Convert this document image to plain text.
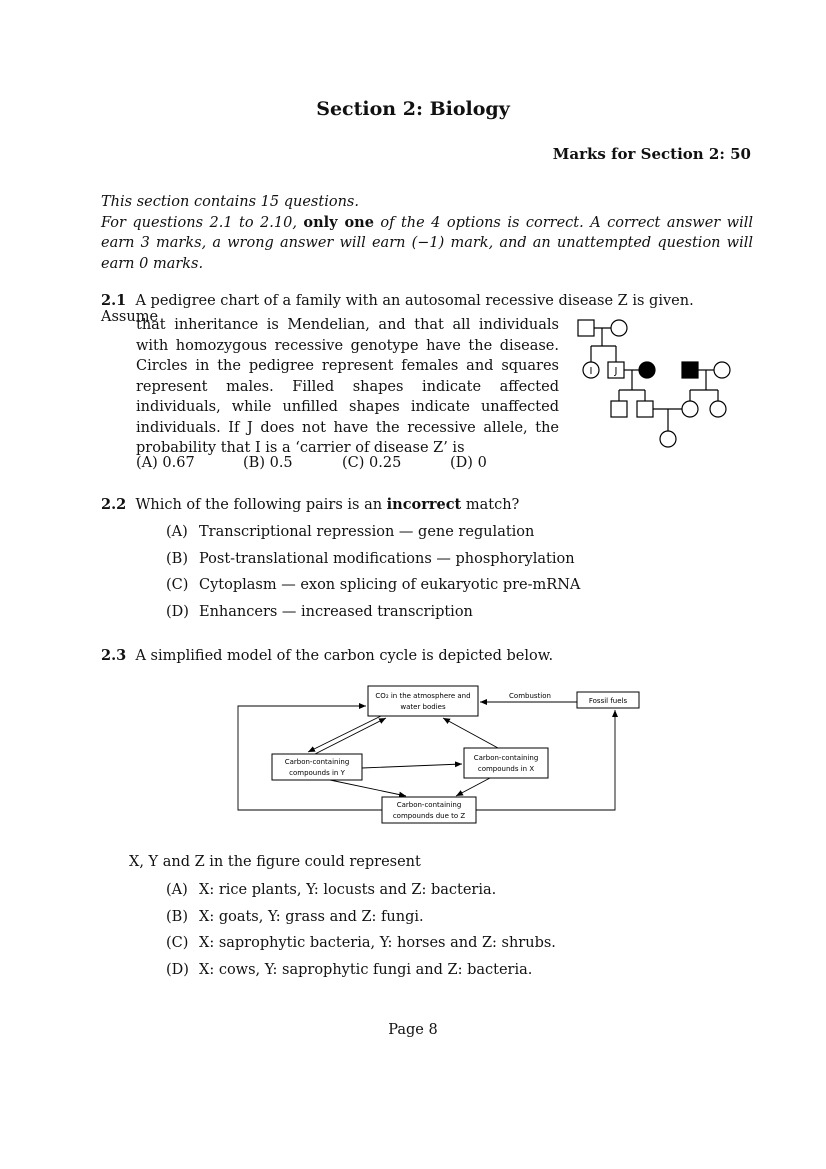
Section 2: Biology
Marks for Section 2: 50
This section contains 15 questions.
For questions 2.1 to 2.10, only one of the 4 options is correct. A correct answer will earn 3 marks, a wrong answer will earn (−1) mark, and an unattempted question will earn 0 marks.
2.1 A pedigree chart of a family with an autosomal recessive disease Z is given. Assume
that inheritance is Mendelian, and that all individuals with homozygous recessive genotype have the disease. Circles in the pedigree represent females and squares represent males. Filled shapes indicate affected individuals, while unfilled shapes indicate unaffected individuals. If J does not have the recessive allele, the probability that I is a ‘carrier of disease Z’ is
(A) 0.67	(B) 0.5	(C) 0.25	(D) 0
I J
2.2 Which of the following pairs is an incorrect match?
(A) Transcriptional repression — gene regulation
(B) Post-translational modifications — phosphorylation
(C) Cytoplasm — exon splicing of eukaryotic pre-mRNA
(D) Enhancers — increased transcription
2.3 A simplified model of the carbon cycle is depicted below.
CO₂ in the atmosphere and
water bodies
Combustion
Fossil fuels
Carbon-containing
compounds in Y
Carbon-containing
compounds in X
Carbon-containing
compounds due to Z
X, Y and Z in the figure could represent
(A) X: rice plants, Y: locusts and Z: bacteria.
(B) X: goats, Y: grass and Z: fungi.
(C) X: saprophytic bacteria, Y: horses and Z: shrubs.
(D) X: cows, Y: saprophytic fungi and Z: bacteria.
Page 8
